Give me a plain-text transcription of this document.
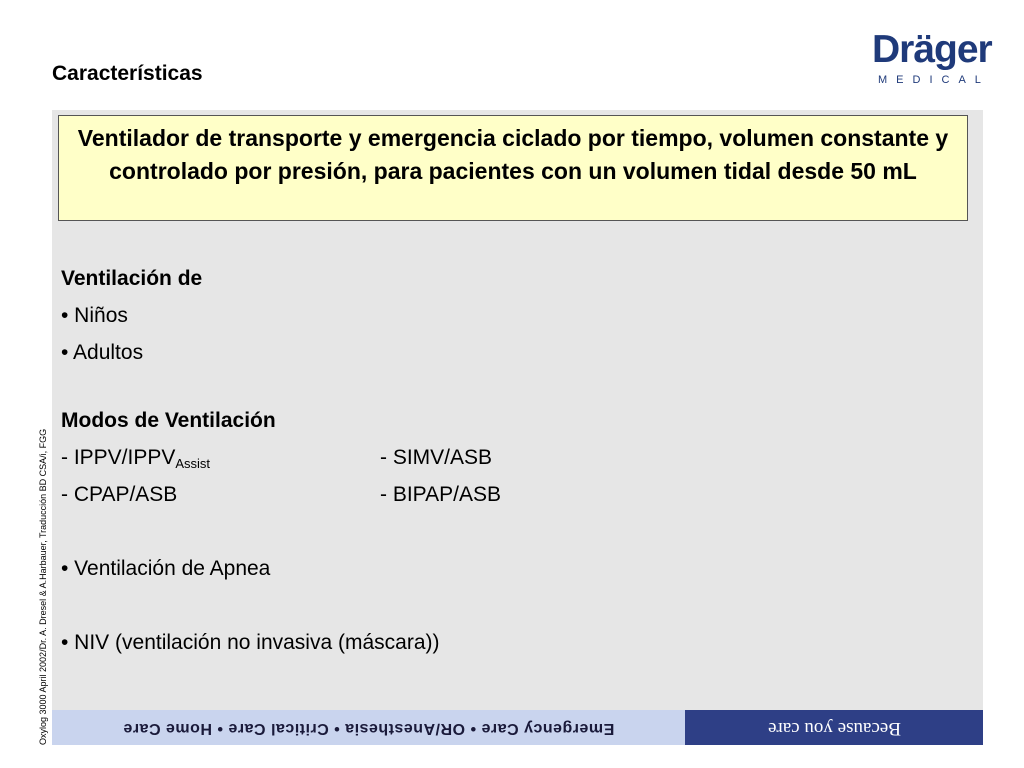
Características
Dräger
MEDICAL
Ventilador de transporte y emergencia ciclado por tiempo, volumen constante y controlado por presión, para pacientes con un volumen tidal desde 50 mL
Ventilación de
• Niños
• Adultos
Modos de Ventilación
- IPPV/$IPPV_{Assist}$
- CPAP/ASB
- SIMV/ASB
- BIPAP/ASB
• Ventilación de Apnea
• NIV (ventilación no invasiva (máscara))
Oxylog 3000 April 2002/Dr. A. Dresel & A.Harbauer, Traducción BD CSA/i, FGG	Emergency Care • OR/Anesthesia • Critical Care • Home Care	Because you care
